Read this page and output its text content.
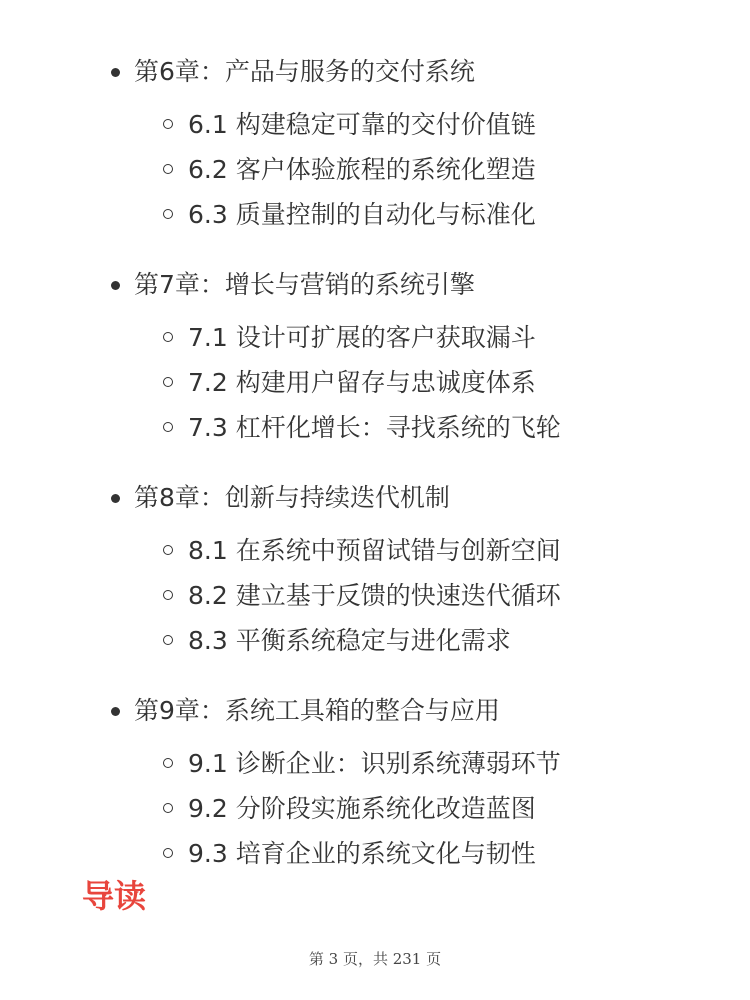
第6章：产品与服务的交付系统
6.1 构建稳定可靠的交付价值链
6.2 客户体验旅程的系统化塑造
6.3 质量控制的自动化与标准化
第7章：增长与营销的系统引擎
7.1 设计可扩展的客户获取漏斗
7.2 构建用户留存与忠诚度体系
7.3 杠杆化增长：寻找系统的飞轮
第8章：创新与持续迭代机制
8.1 在系统中预留试错与创新空间
8.2 建立基于反馈的快速迭代循环
8.3 平衡系统稳定与进化需求
第9章：系统工具箱的整合与应用
9.1 诊断企业：识别系统薄弱环节
9.2 分阶段实施系统化改造蓝图
9.3 培育企业的系统文化与韧性
导读
第 3 页，共 231 页
